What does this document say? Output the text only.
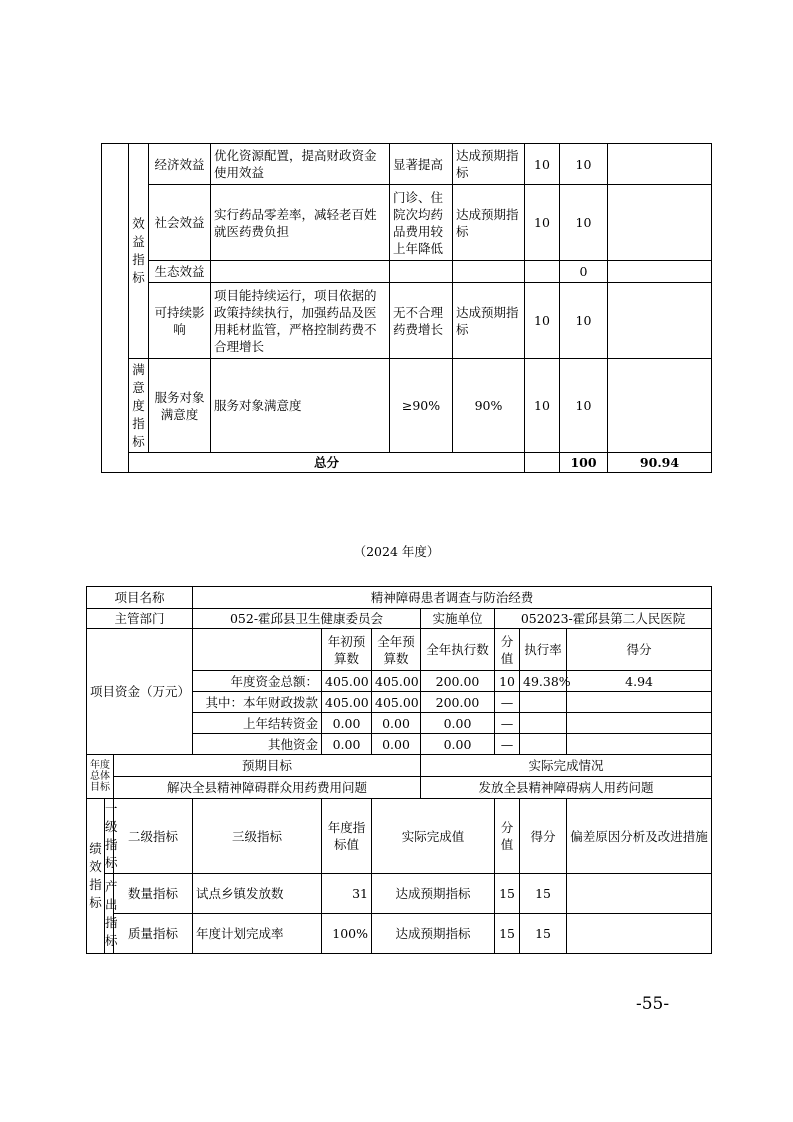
	效益指标	经济效益	优化资源配置，提高财政资金使用效益	显著提高	达成预期指标	10	10		
		社会效益	实行药品零差率，减轻老百姓就医药费负担	门诊、住院次均药品费用较上年降低	达成预期指标	10	10		
		生态效益					0		
		可持续影响	项目能持续运行，项目依据的政策持续执行，加强药品及医用耗材监管，严格控制药费不合理增长	无不合理药费增长	达成预期指标	10	10		
	满意度指标	服务对象满意度	服务对象满意度	≥90%	90%	10	10		
	总分						100	90.94	
（2024 年度）
项目名称			精神障碍患者调查与防治经费						
主管部门			052-霍邱县卫生健康委员会			实施单位	052023-霍邱县第二人民医院		
项目资金（万元）				年初预算数	全年预算数	全年执行数	分值	执行率	得分
			年度资金总额：	405.00	405.00	200.00	10	49.38%	4.94
			其中：本年财政拨款	405.00	405.00	200.00	—		
			上年结转资金	0.00	0.00	0.00	—		
			其他资金	0.00	0.00	0.00	—		
年度总体目标		预期目标				实际完成情况			
		解决全县精神障碍群众用药费用问题				发放全县精神障碍病人用药问题			
绩效指标	一级指标	二级指标	三级指标	年度指标值	实际完成值		分值	得分	偏差原因分析及改进措施
	产出指标	数量指标	试点乡镇发放数	31	达成预期指标		15	15	
		质量指标	年度计划完成率	100%	达成预期指标		15	15	
-55-
